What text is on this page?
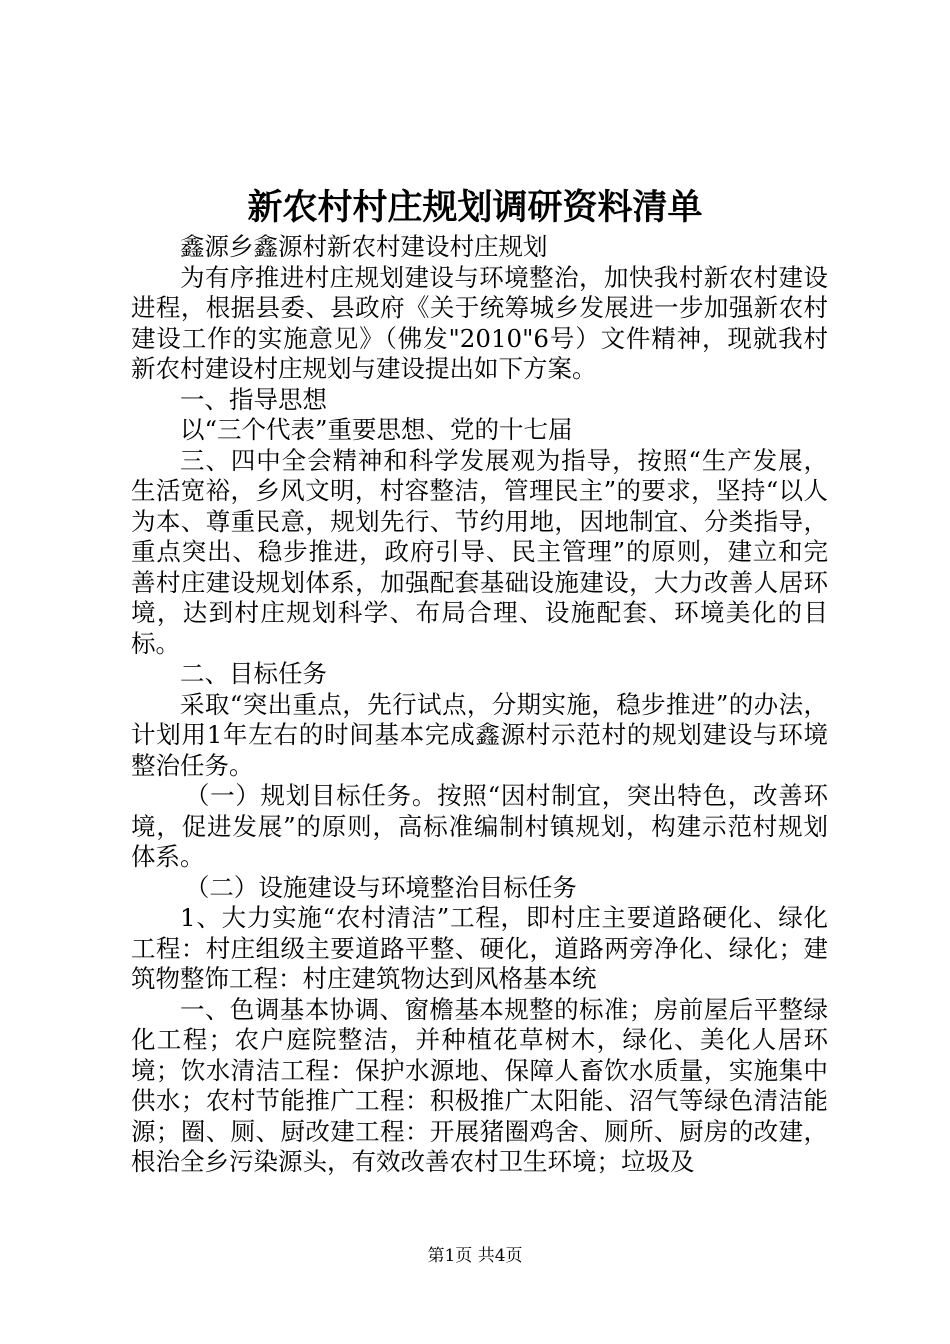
新农村村庄规划调研资料清单

鑫源乡鑫源村新农村建设村庄规划

为有序推进村庄规划建设与环境整治，加快我村新农村建设进程，根据县委、县政府《关于统筹城乡发展进一步加强新农村建设工作的实施意见》（佛发"2010"6号）文件精神，现就我村新农村建设村庄规划与建设提出如下方案。

一、指导思想

以“三个代表”重要思想、党的十七届

三、四中全会精神和科学发展观为指导，按照“生产发展，生活宽裕，乡风文明，村容整洁，管理民主”的要求，坚持“以人为本、尊重民意，规划先行、节约用地，因地制宜、分类指导，重点突出、稳步推进，政府引导、民主管理”的原则，建立和完善村庄建设规划体系，加强配套基础设施建设，大力改善人居环境，达到村庄规划科学、布局合理、设施配套、环境美化的目标。

二、目标任务

采取“突出重点，先行试点，分期实施，稳步推进”的办法，计划用1年左右的时间基本完成鑫源村示范村的规划建设与环境整治任务。

（一）规划目标任务。按照“因村制宜，突出特色，改善环境，促进发展”的原则，高标准编制村镇规划，构建示范村规划体系。

（二）设施建设与环境整治目标任务

1、大力实施“农村清洁”工程，即村庄主要道路硬化、绿化工程：村庄组级主要道路平整、硬化，道路两旁净化、绿化；建筑物整饰工程：村庄建筑物达到风格基本统

一、色调基本协调、窗檐基本规整的标准；房前屋后平整绿化工程；农户庭院整洁，并种植花草树木，绿化、美化人居环境；饮水清洁工程：保护水源地、保障人畜饮水质量，实施集中供水；农村节能推广工程：积极推广太阳能、沼气等绿色清洁能源；圈、厕、厨改建工程：开展猪圈鸡舍、厕所、厨房的改建，根治全乡污染源头，有效改善农村卫生环境；垃圾及

第1页 共4页
